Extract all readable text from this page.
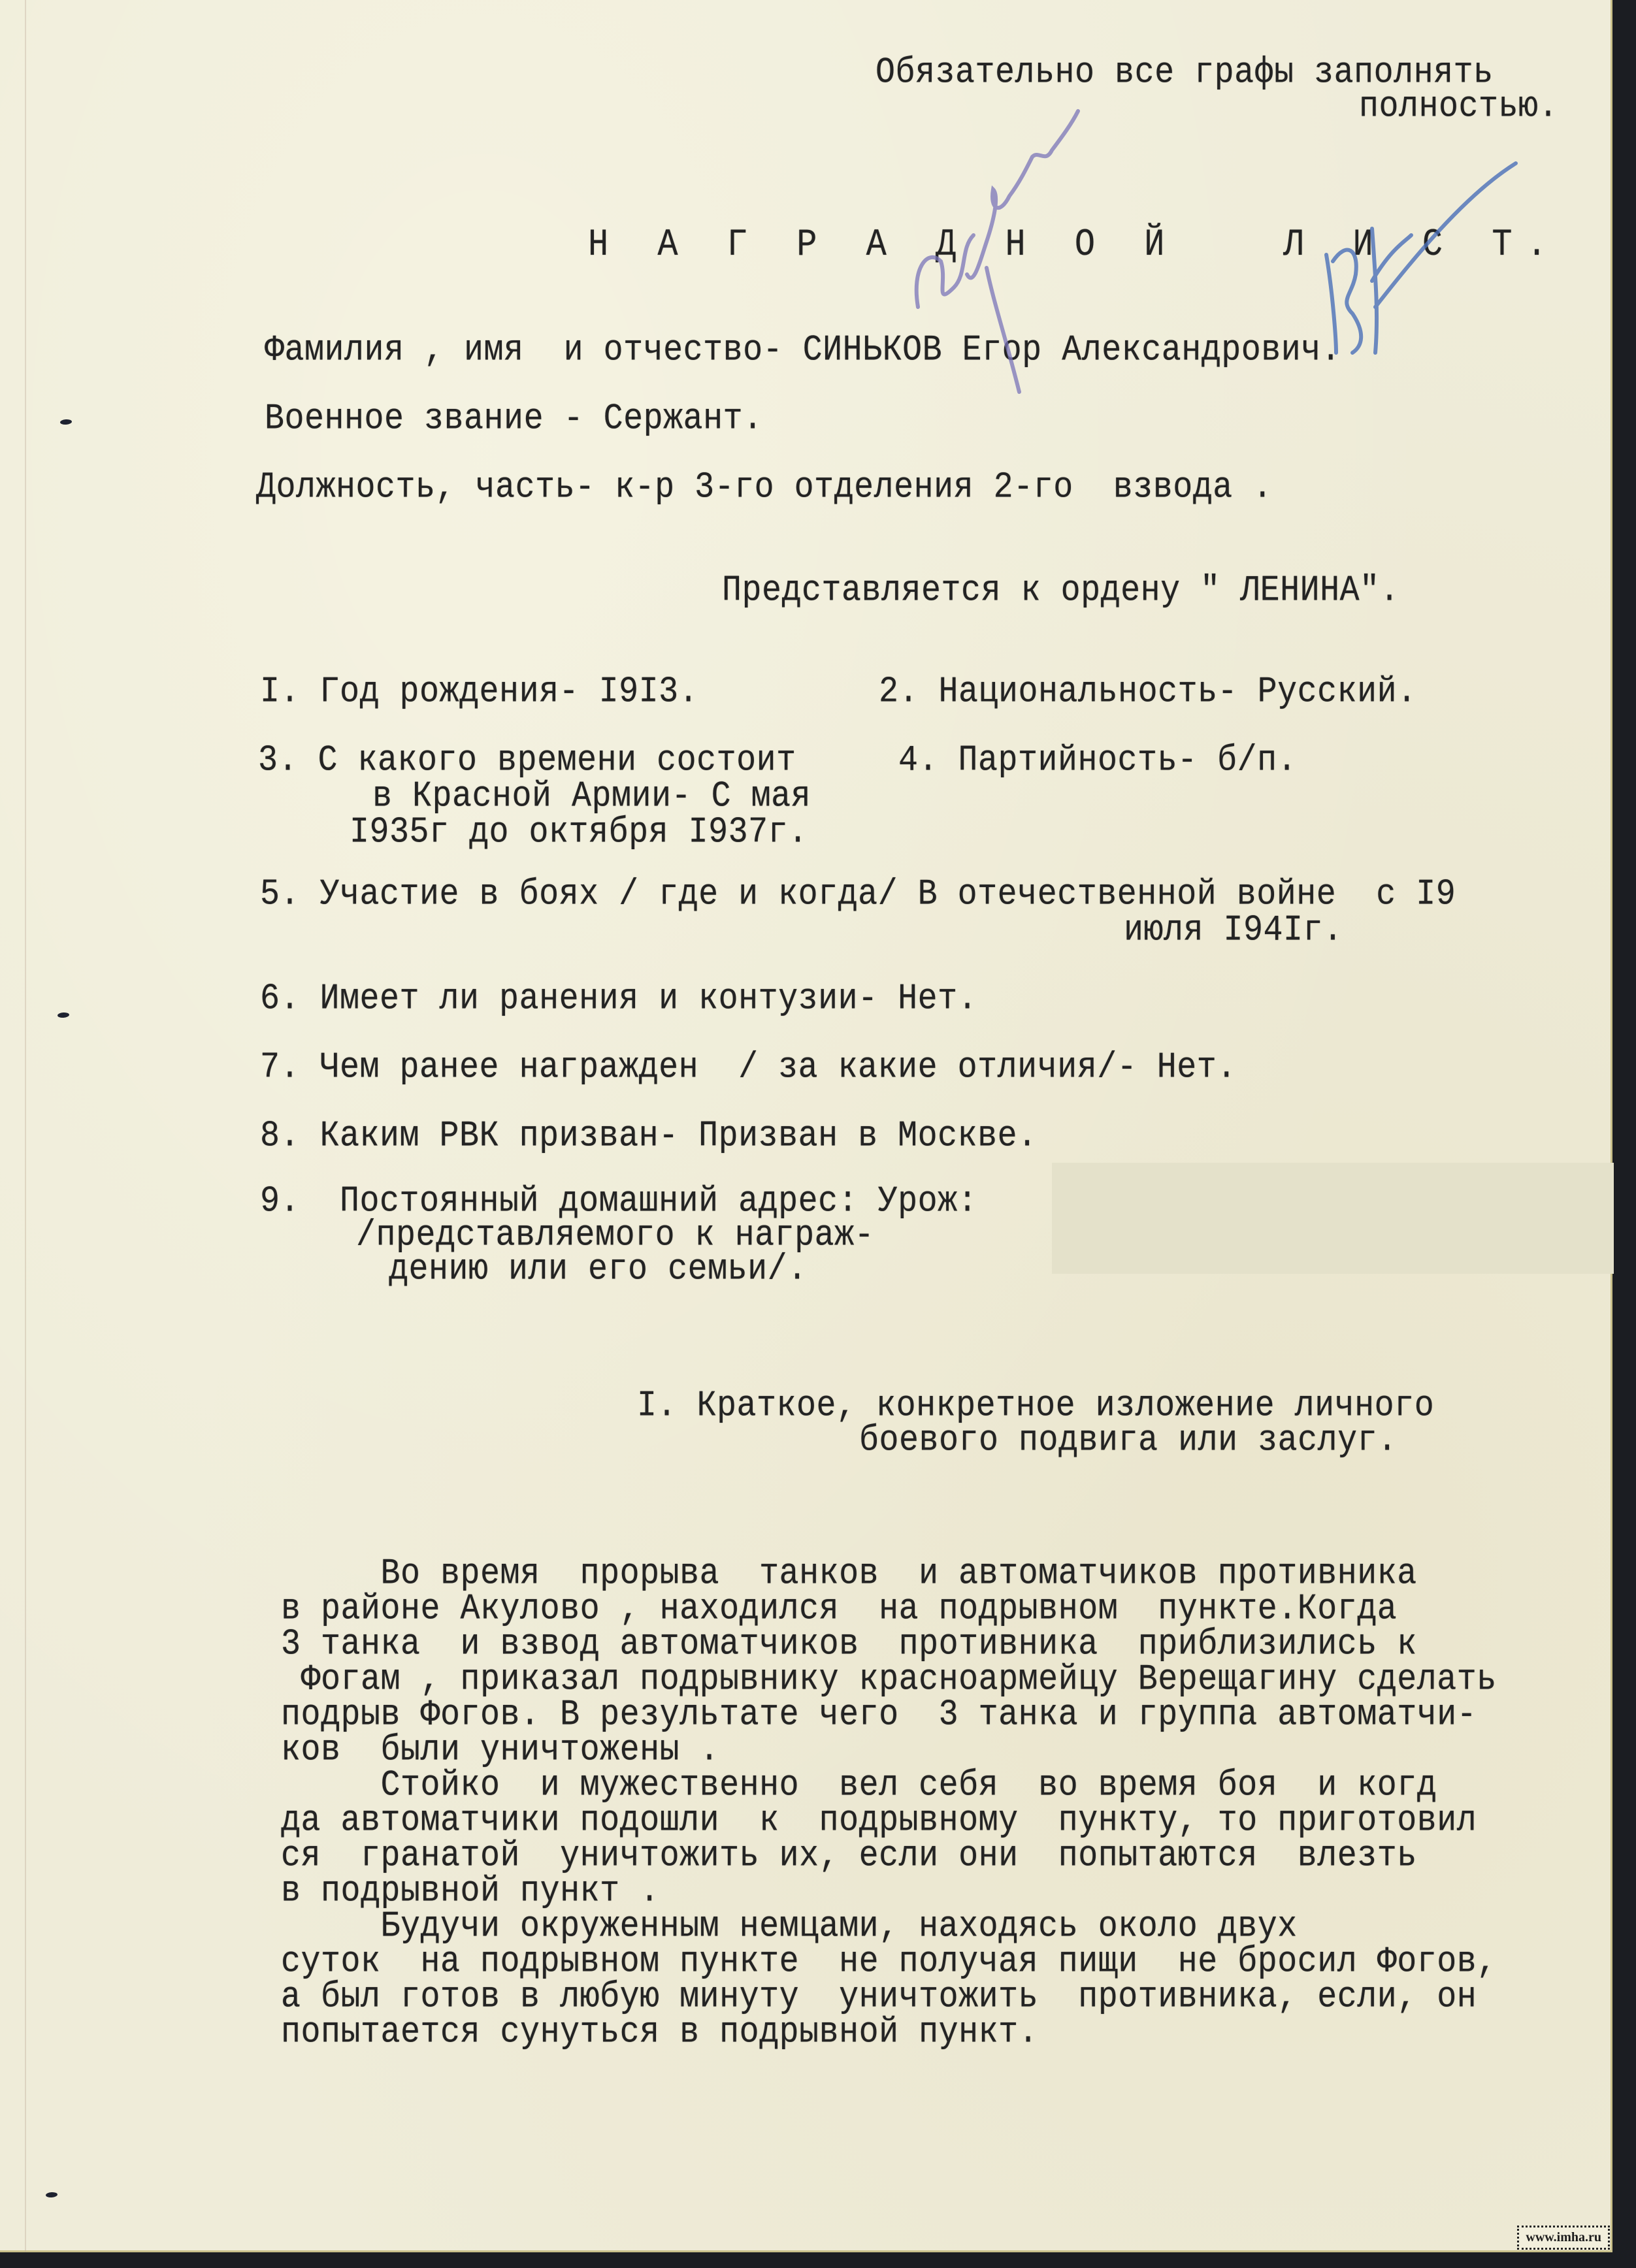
Обязательно все графы заполнять
полностью.
Н А Г Р А Д Н О Й   Л И С Т.
Фамилия , имя  и отчество- СИНЬКОВ Егор Александрович.
Военное звание - Сержант.
Должность, часть- к-р 3-го отделения 2-го  взвода .
Представляется к ордену " ЛЕНИНА".
I. Год рождения- I9I3.	2. Национальность- Русский.
3. С какого времени состоит
в Красной Армии- С мая
I935г до октября I937г.
4. Партийность- б/п.
5. Участие в боях / где и когда/ В отечественной войне  с I9
июля I94Iг.
6. Имеет ли ранения и контузии- Нет.
7. Чем ранее награжден  / за какие отличия/- Нет.
8. Каким РВК призван- Призван в Москве.
9.  Постоянный домашний адрес: Урож:
/представляемого к награж-
дению или его семьи/.
I. Краткое, конкретное изложение личного
боевого подвига или заслуг.
Во время  прорыва  танков  и автоматчиков противника
в районе Акулово , находился  на подрывном  пункте.Когда
3 танка  и взвод автоматчиков  противника  приблизились к
Фогам , приказал подрывнику красноармейцу Верещагину сделать
подрыв Фогов. В результате чего  3 танка и группа автоматчи-
ков  были уничтожены .
Стойко  и мужественно  вел себя  во время боя  и когд
да автоматчики подошли  к  подрывному  пункту, то приготовил
ся  гранатой  уничтожить их, если они  попытаются  влезть
в подрывной пункт .
Будучи окруженным немцами, находясь около двух
суток  на подрывном пункте  не получая пищи  не бросил Фогов,
а был готов в любую минуту  уничтожить  противника, если, он
попытается сунуться в подрывной пункт.
www.imha.ru
